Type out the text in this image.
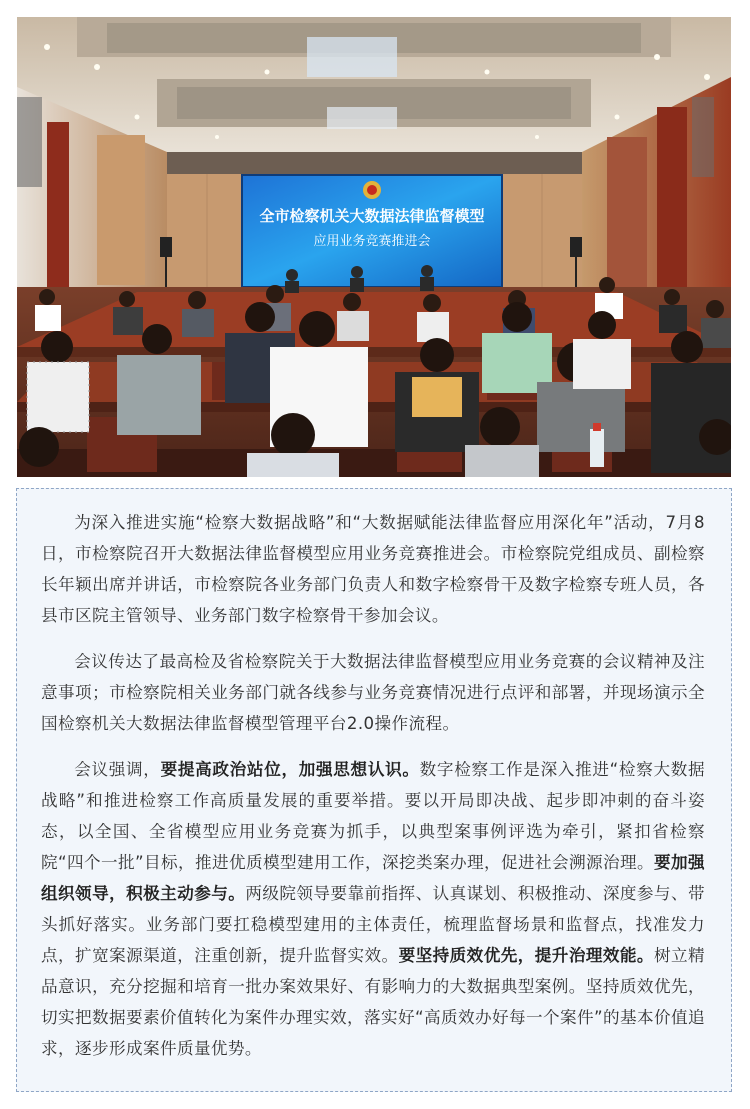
全市检察机关大数据法律监督模型
应用业务竞赛推进会

为深入推进实施“检察大数据战略”和“大数据赋能法律监督应用深化年”活动，7月8日，市检察院召开大数据法律监督模型应用业务竞赛推进会。市检察院党组成员、副检察长年颖出席并讲话，市检察院各业务部门负责人和数字检察骨干及数字检察专班人员，各县市区院主管领导、业务部门数字检察骨干参加会议。

会议传达了最高检及省检察院关于大数据法律监督模型应用业务竞赛的会议精神及注意事项；市检察院相关业务部门就各线参与业务竞赛情况进行点评和部署，并现场演示全国检察机关大数据法律监督模型管理平台2.0操作流程。

会议强调，要提高政治站位，加强思想认识。数字检察工作是深入推进“检察大数据战略”和推进检察工作高质量发展的重要举措。要以开局即决战、起步即冲刺的奋斗姿态，以全国、全省模型应用业务竞赛为抓手，以典型案事例评选为牵引，紧扣省检察院“四个一批”目标，推进优质模型建用工作，深挖类案办理，促进社会溯源治理。要加强组织领导，积极主动参与。两级院领导要靠前指挥、认真谋划、积极推动、深度参与、带头抓好落实。业务部门要扛稳模型建用的主体责任，梳理监督场景和监督点，找准发力点，扩宽案源渠道，注重创新，提升监督实效。要坚持质效优先，提升治理效能。树立精品意识，充分挖掘和培育一批办案效果好、有影响力的大数据典型案例。坚持质效优先，切实把数据要素价值转化为案件办理实效，落实好“高质效办好每一个案件”的基本价值追求，逐步形成案件质量优势。
